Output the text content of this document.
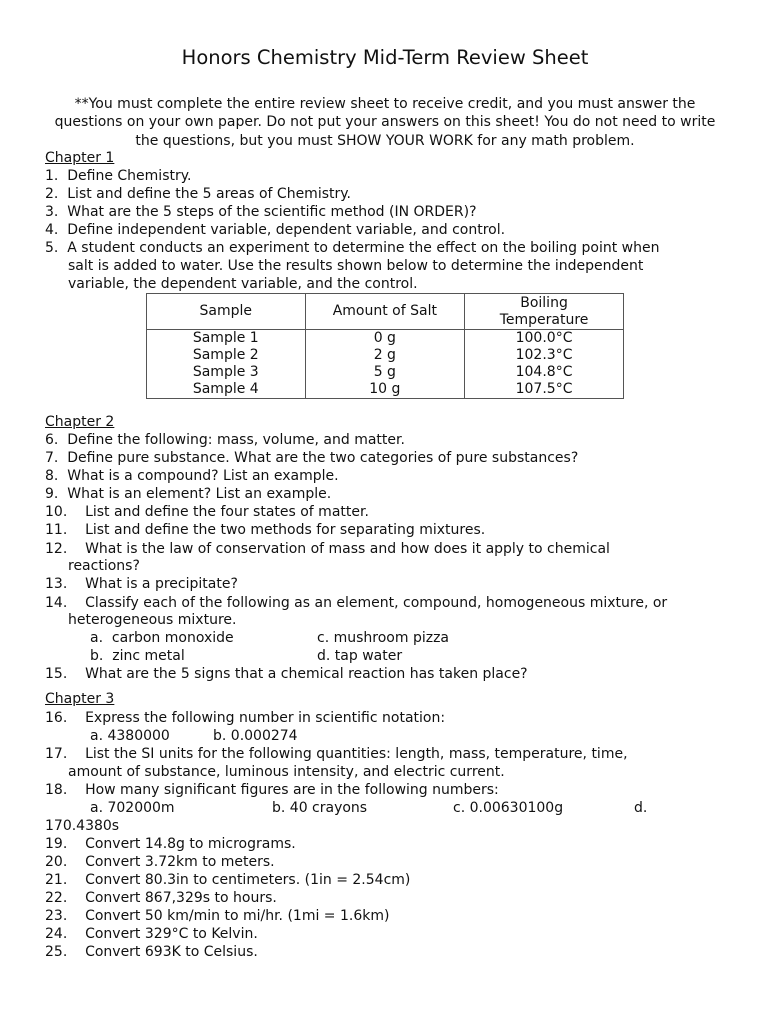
Honors Chemistry Mid-Term Review Sheet
**You must complete the entire review sheet to receive credit, and you must answer the questions on your own paper. Do not put your answers on this sheet! You do not need to write the questions, but you must SHOW YOUR WORK for any math problem.
Chapter 1
1.  Define Chemistry.
2.  List and define the 5 areas of Chemistry.
3.  What are the 5 steps of the scientific method (IN ORDER)?
4.  Define independent variable, dependent variable, and control.
5.  A student conducts an experiment to determine the effect on the boiling point when
salt is added to water. Use the results shown below to determine the independent
variable, the dependent variable, and the control.
Sample	Amount of Salt	Boiling Temperature
Sample 1	0 g	100.0°C
Sample 2	2 g	102.3°C
Sample 3	5 g	104.8°C
Sample 4	10 g	107.5°C
Chapter 2
6.  Define the following: mass, volume, and matter.
7.  Define pure substance. What are the two categories of pure substances?
8.  What is a compound? List an example.
9.  What is an element? List an example.
10.    List and define the four states of matter.
11.    List and define the two methods for separating mixtures.
12.    What is the law of conservation of mass and how does it apply to chemical
reactions?
13.    What is a precipitate?
14.    Classify each of the following as an element, compound, homogeneous mixture, or
heterogeneous mixture.
a.  carbon monoxide	c. mushroom pizza
b.  zinc metal	d. tap water
15.    What are the 5 signs that a chemical reaction has taken place?
Chapter 3
16.    Express the following number in scientific notation:
a. 4380000	b. 0.000274
17.    List the SI units for the following quantities: length, mass, temperature, time,
amount of substance, luminous intensity, and electric current.
18.    How many significant figures are in the following numbers:
a. 702000m	b. 40 crayons	c. 0.00630100g	d.
170.4380s
19.    Convert 14.8g to micrograms.
20.    Convert 3.72km to meters.
21.    Convert 80.3in to centimeters. (1in = 2.54cm)
22.    Convert 867,329s to hours.
23.    Convert 50 km/min to mi/hr. (1mi = 1.6km)
24.    Convert 329°C to Kelvin.
25.    Convert 693K to Celsius.
